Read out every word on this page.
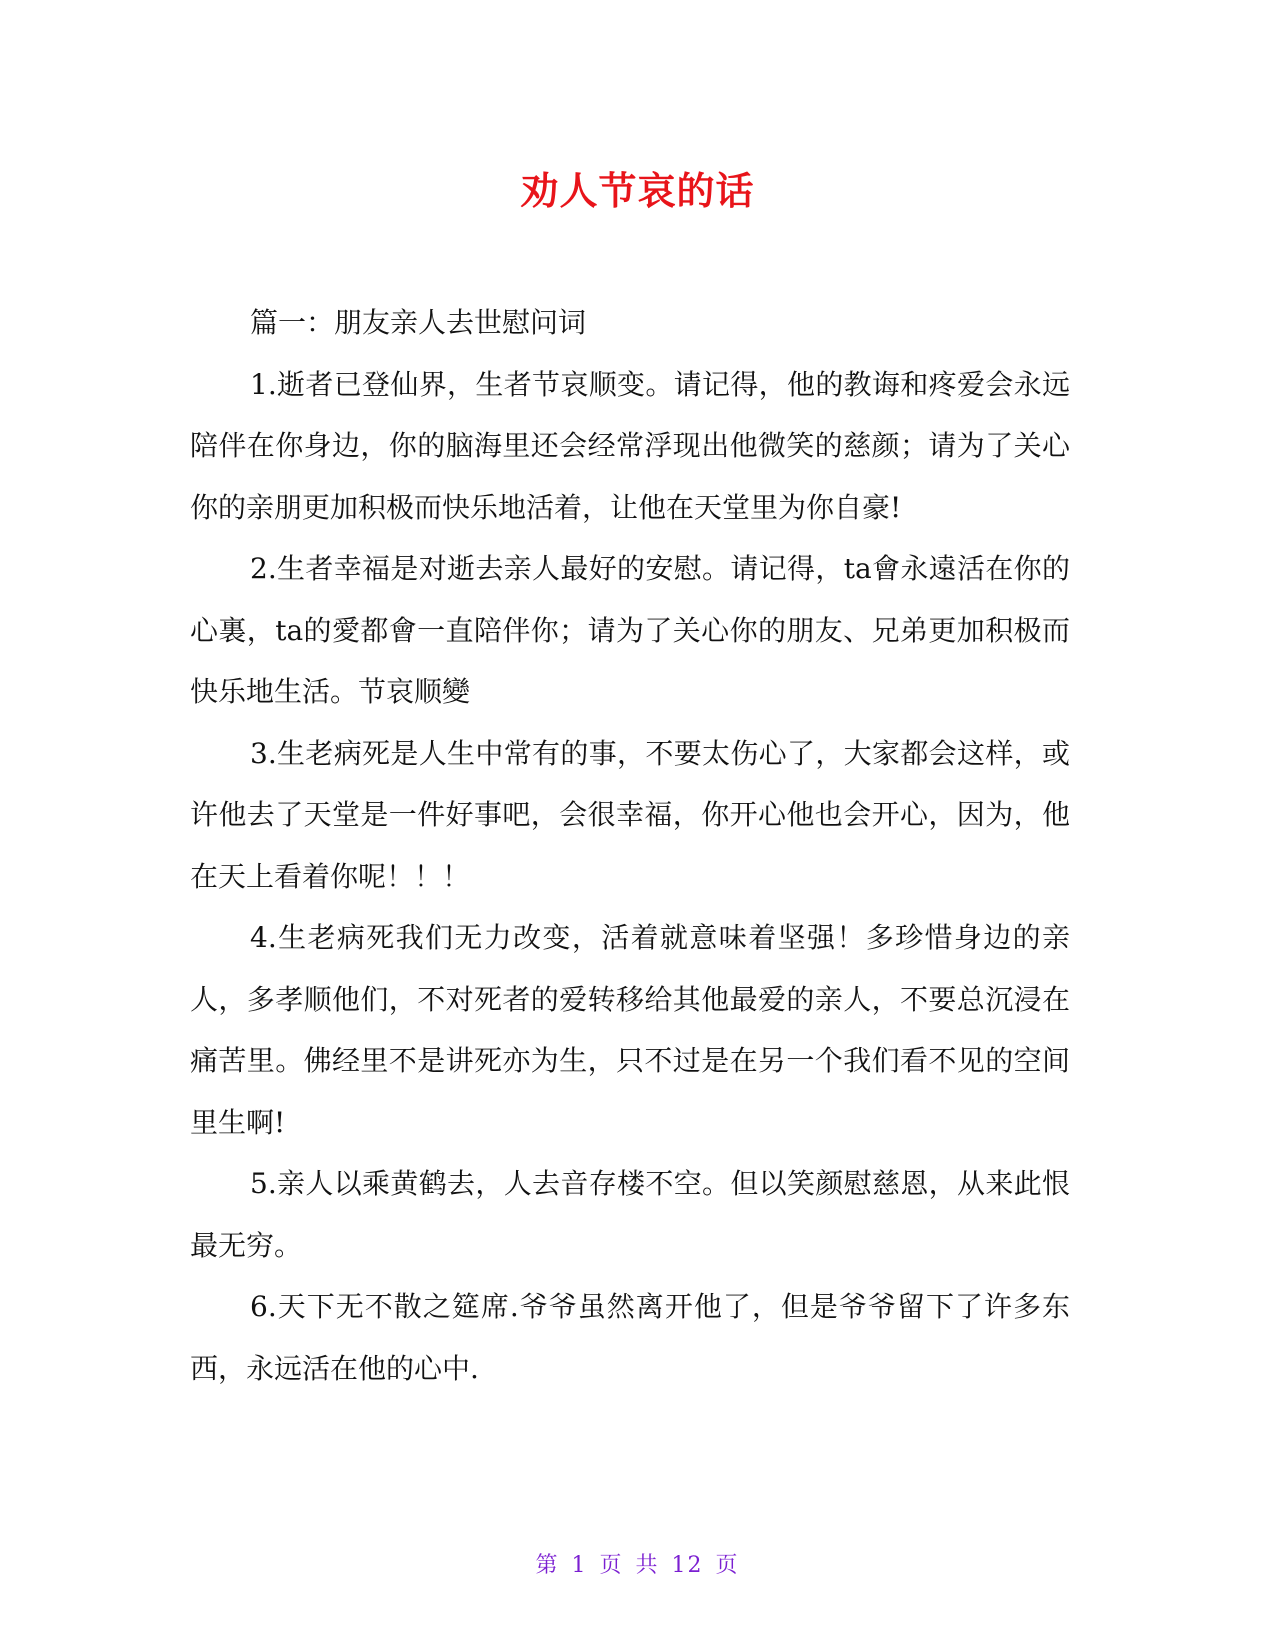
劝人节哀的话

篇一：朋友亲人去世慰问词

1.逝者已登仙界，生者节哀顺变。请记得，他的教诲和疼爱会永远陪伴在你身边，你的脑海里还会经常浮现出他微笑的慈颜；请为了关心你的亲朋更加积极而快乐地活着，让他在天堂里为你自豪!

2.生者幸福是对逝去亲人最好的安慰。请记得，ta會永遠活在你的心裏，ta的愛都會一直陪伴你；请为了关心你的朋友、兄弟更加积极而快乐地生活。节哀顺變

3.生老病死是人生中常有的事，不要太伤心了，大家都会这样，或许他去了天堂是一件好事吧，会很幸福，你开心他也会开心，因为，他在天上看着你呢！！！

4.生老病死我们无力改变，活着就意味着坚强！多珍惜身边的亲人，多孝顺他们，不对死者的爱转移给其他最爱的亲人，不要总沉浸在痛苦里。佛经里不是讲死亦为生，只不过是在另一个我们看不见的空间里生啊!

5.亲人以乘黄鹤去，人去音存楼不空。但以笑颜慰慈恩，从来此恨最无穷。

6.天下无不散之筵席.爷爷虽然离开他了，但是爷爷留下了许多东西，永远活在他的心中.

第 1 页 共 12 页
